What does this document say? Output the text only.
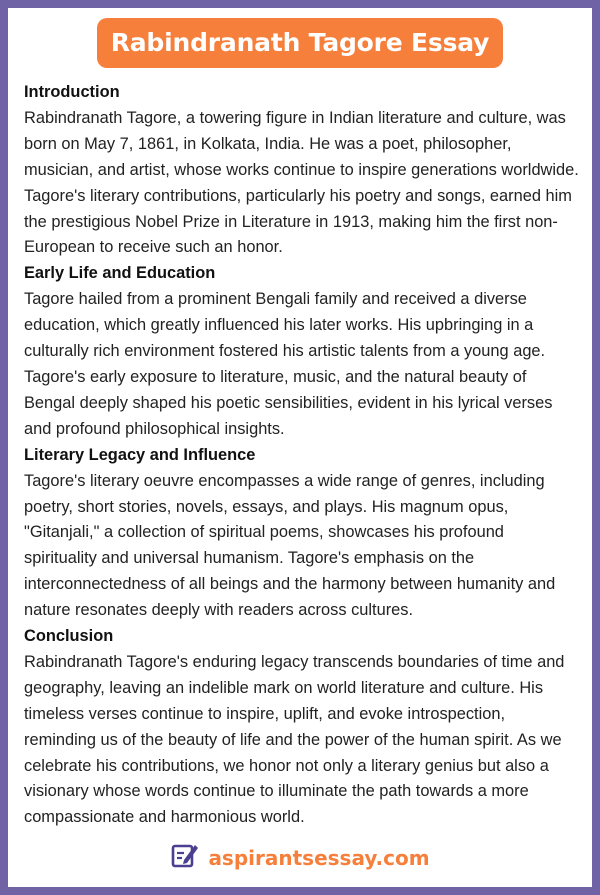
Rabindranath Tagore Essay
Introduction

Rabindranath Tagore, a towering figure in Indian literature and culture, was born on May 7, 1861, in Kolkata, India. He was a poet, philosopher, musician, and artist, whose works continue to inspire generations worldwide. Tagore's literary contributions, particularly his poetry and songs, earned him the prestigious Nobel Prize in Literature in 1913, making him the first non-European to receive such an honor.

Early Life and Education

Tagore hailed from a prominent Bengali family and received a diverse education, which greatly influenced his later works. His upbringing in a culturally rich environment fostered his artistic talents from a young age. Tagore's early exposure to literature, music, and the natural beauty of Bengal deeply shaped his poetic sensibilities, evident in his lyrical verses and profound philosophical insights.

Literary Legacy and Influence

Tagore's literary oeuvre encompasses a wide range of genres, including poetry, short stories, novels, essays, and plays. His magnum opus, "Gitanjali," a collection of spiritual poems, showcases his profound spirituality and universal humanism. Tagore's emphasis on the interconnectedness of all beings and the harmony between humanity and nature resonates deeply with readers across cultures.

Conclusion

Rabindranath Tagore's enduring legacy transcends boundaries of time and geography, leaving an indelible mark on world literature and culture. His timeless verses continue to inspire, uplift, and evoke introspection, reminding us of the beauty of life and the power of the human spirit. As we celebrate his contributions, we honor not only a literary genius but also a visionary whose words continue to illuminate the path towards a more compassionate and harmonious world.

aspirantsessay.com
